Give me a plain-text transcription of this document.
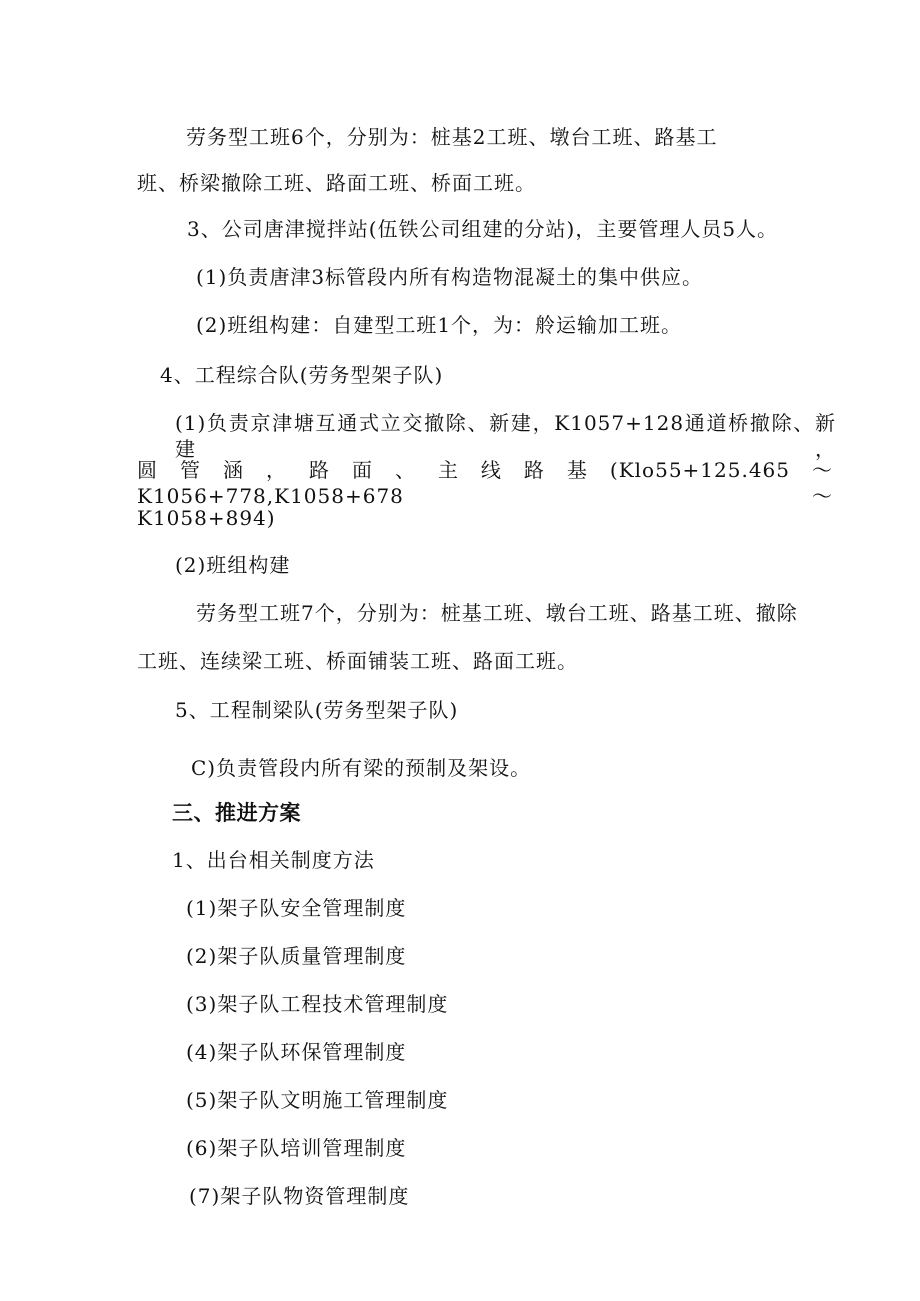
劳务型工班6个，分别为：桩基2工班、墩台工班、路基工
班、桥梁撤除工班、路面工班、桥面工班。
3、公司唐津搅拌站(伍铁公司组建的分站)，主要管理人员5人。
(1)负责唐津3标管段内所有构造物混凝土的集中供应。
(2)班组构建：自建型工班1个，为：舲运输加工班。
4、工程综合队(劳务型架子队)
(1)负责京津塘互通式立交撤除、新建，K1057+128通道桥撤除、新建，
圆管涵，路面、主线路基(Klo55+125.465～K1056+778,K1058+678～
K1058+894)
(2)班组构建
劳务型工班7个，分别为：桩基工班、墩台工班、路基工班、撤除
工班、连续梁工班、桥面铺装工班、路面工班。
5、工程制梁队(劳务型架子队)
C)负责管段内所有梁的预制及架设。
三、推进方案
1、出台相关制度方法
(1)架子队安全管理制度
(2)架子队质量管理制度
(3)架子队工程技术管理制度
(4)架子队环保管理制度
(5)架子队文明施工管理制度
(6)架子队培训管理制度
(7)架子队物资管理制度
